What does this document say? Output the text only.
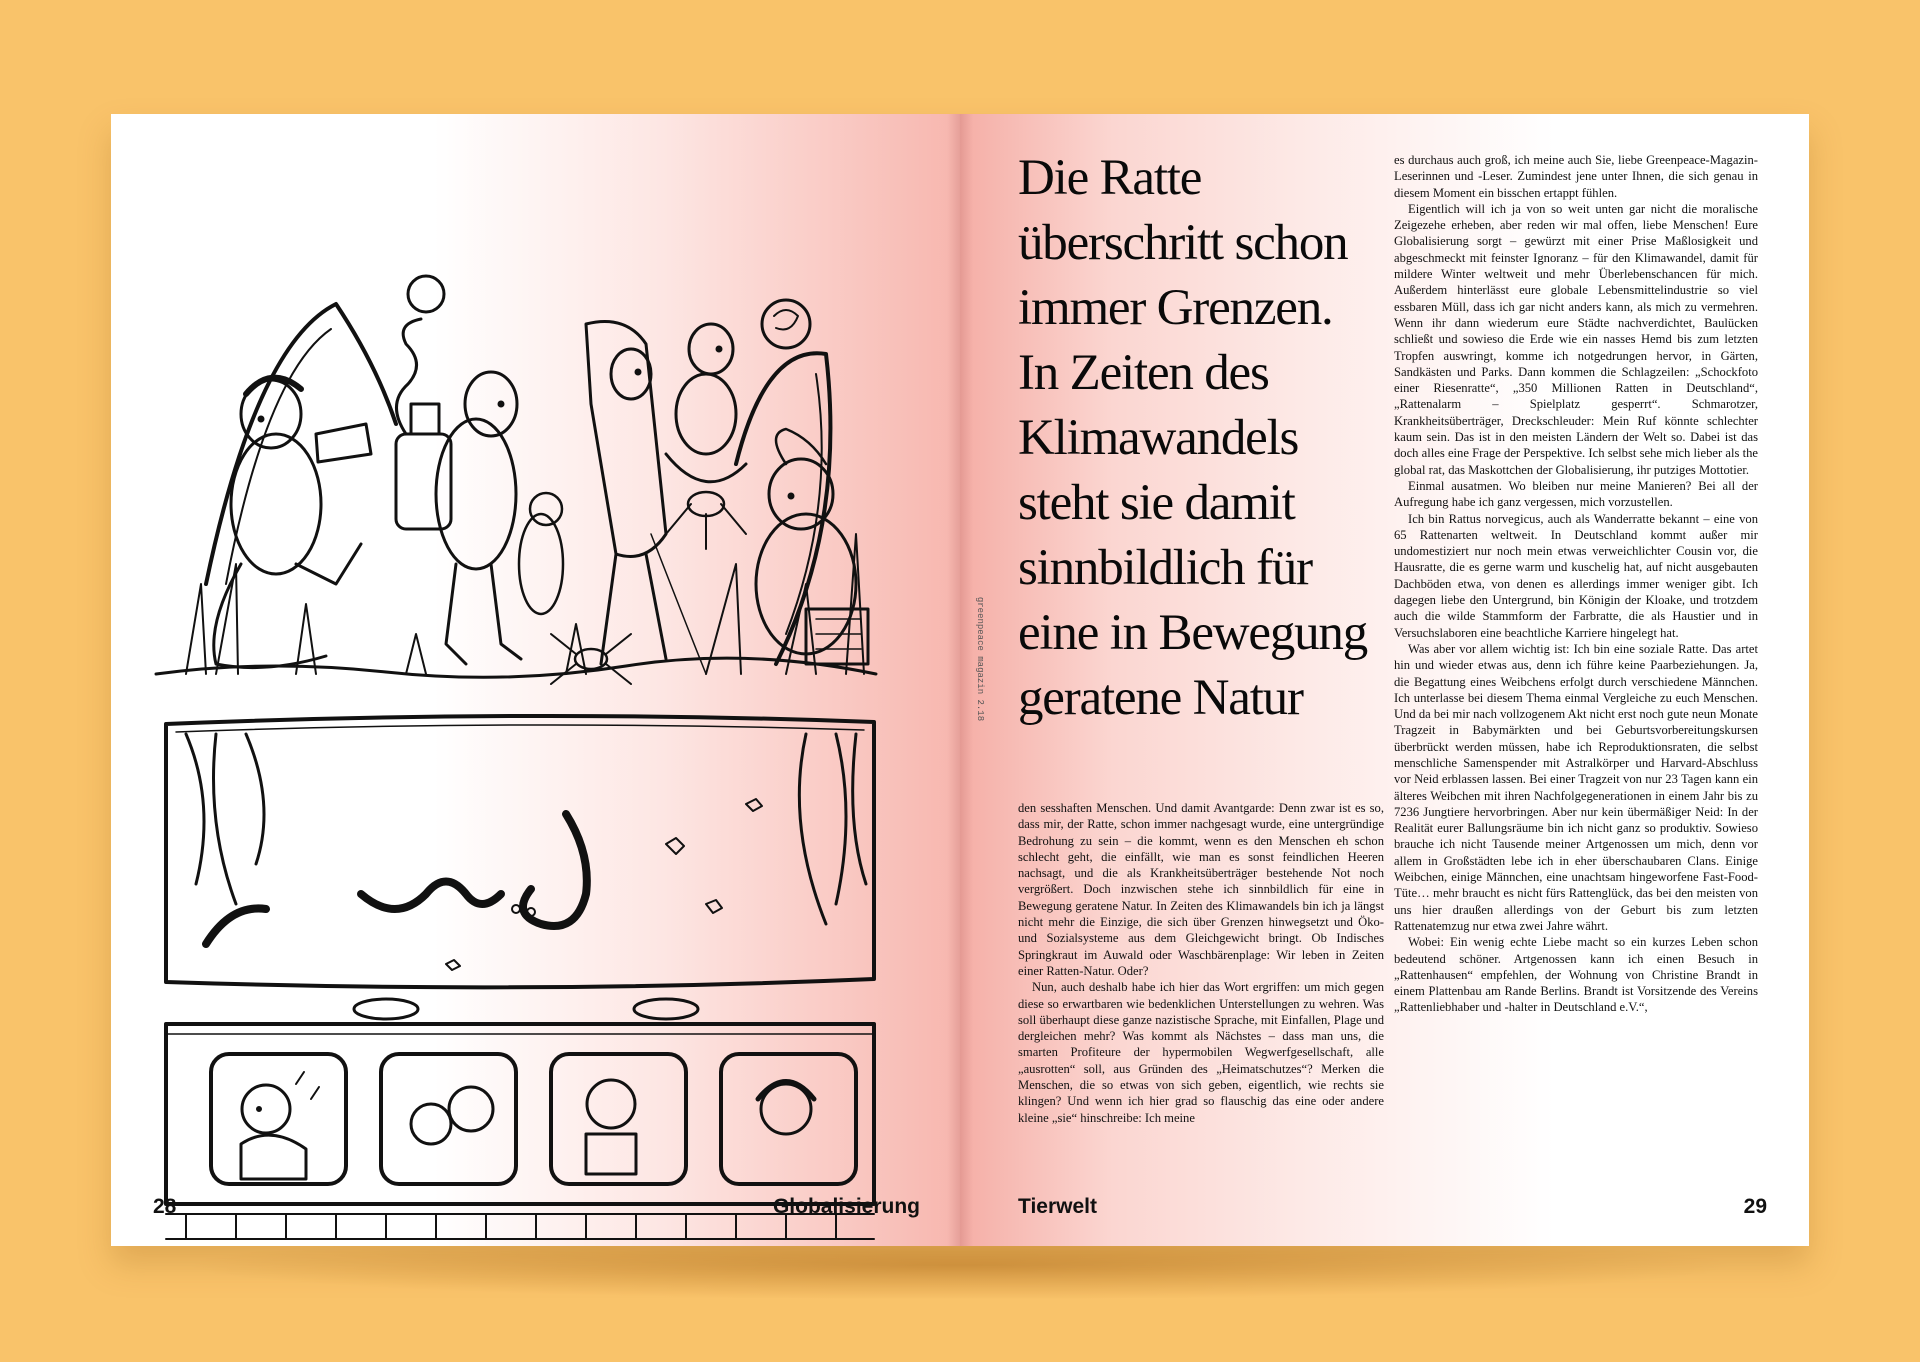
28	Globalisierung
greenpeace magazin 2.18
Die Ratte überschritt schon immer Grenzen. In Zeiten des Klimawandels steht sie damit sinnbildlich für eine in Bewegung geratene Natur

den sesshaften Menschen. Und damit Avantgarde: Denn zwar ist es so, dass mir, der Ratte, schon immer nachgesagt wurde, eine untergründige Bedrohung zu sein – die kommt, wenn es den Menschen eh schon schlecht geht, die einfällt, wie man es sonst feindlichen Heeren nachsagt, und die als Krankheitsüberträger bestehende Not noch vergrößert. Doch inzwischen stehe ich sinnbildlich für eine in Bewegung geratene Natur. In Zeiten des Klimawandels bin ich ja längst nicht mehr die Einzige, die sich über Grenzen hinwegsetzt und Öko- und Sozialsysteme aus dem Gleichgewicht bringt. Ob Indisches Springkraut im Auwald oder Waschbärenplage: Wir leben in Zeiten einer Ratten-Natur. Oder?

Nun, auch deshalb habe ich hier das Wort ergriffen: um mich gegen diese so erwartbaren wie bedenklichen Unterstellungen zu wehren. Was soll überhaupt diese ganze nazistische Sprache, mit Einfallen, Plage und dergleichen mehr? Was kommt als Nächstes – dass man uns, die smarten Profiteure der hypermobilen Wegwerfgesellschaft, alle „ausrotten“ soll, aus Gründen des „Heimatschutzes“? Merken die Menschen, die so etwas von sich geben, eigentlich, wie rechts sie klingen? Und wenn ich hier grad so flauschig das eine oder andere kleine „sie“ hinschreibe: Ich meine

es durchaus auch groß, ich meine auch Sie, liebe Greenpeace-Magazin-Leserinnen und -Leser. Zumindest jene unter Ihnen, die sich genau in diesem Moment ein bisschen ertappt fühlen.

Eigentlich will ich ja von so weit unten gar nicht die moralische Zeigezehe erheben, aber reden wir mal offen, liebe Menschen! Eure Globalisierung sorgt – gewürzt mit einer Prise Maßlosigkeit und abgeschmeckt mit feinster Ignoranz – für den Klimawandel, damit für mildere Winter weltweit und mehr Überlebenschancen für mich. Außerdem hinterlässt eure globale Lebensmittelindustrie so viel essbaren Müll, dass ich gar nicht anders kann, als mich zu vermehren. Wenn ihr dann wiederum eure Städte nachverdichtet, Baulücken schließt und sowieso die Erde wie ein nasses Hemd bis zum letzten Tropfen auswringt, komme ich notgedrungen hervor, in Gärten, Sandkästen und Parks. Dann kommen die Schlagzeilen: „Schockfoto einer Riesenratte“, „350 Millionen Ratten in Deutschland“, „Rattenalarm – Spielplatz gesperrt“. Schmarotzer, Krankheitsüberträger, Dreckschleuder: Mein Ruf könnte schlechter kaum sein. Das ist in den meisten Ländern der Welt so. Dabei ist das doch alles eine Frage der Perspektive. Ich selbst sehe mich lieber als the global rat, das Maskottchen der Globalisierung, ihr putziges Mottotier.

Einmal ausatmen. Wo bleiben nur meine Manieren? Bei all der Aufregung habe ich ganz vergessen, mich vorzustellen.

Ich bin Rattus norvegicus, auch als Wanderratte bekannt – eine von 65 Rattenarten weltweit. In Deutschland kommt außer mir undomestiziert nur noch mein etwas verweichlichter Cousin vor, die Hausratte, die es gerne warm und kuschelig hat, auf nicht ausgebauten Dachböden etwa, von denen es allerdings immer weniger gibt. Ich dagegen liebe den Untergrund, bin Königin der Kloake, und trotzdem auch die wilde Stammform der Farbratte, die als Haustier und in Versuchslaboren eine beachtliche Karriere hingelegt hat.

Was aber vor allem wichtig ist: Ich bin eine soziale Ratte. Das artet hin und wieder etwas aus, denn ich führe keine Paarbeziehungen. Ja, die Begattung eines Weibchens erfolgt durch verschiedene Männchen. Ich unterlasse bei diesem Thema einmal Vergleiche zu euch Menschen. Und da bei mir nach vollzogenem Akt nicht erst noch gute neun Monate Tragzeit in Babymärkten und bei Geburtsvorbereitungskursen überbrückt werden müssen, habe ich Reproduktionsraten, die selbst menschliche Samenspender mit Astralkörper und Harvard-Abschluss vor Neid erblassen lassen. Bei einer Tragzeit von nur 23 Tagen kann ein älteres Weibchen mit ihren Nachfolgegenerationen in einem Jahr bis zu 7236 Jungtiere hervorbringen. Aber nur kein übermäßiger Neid: In der Realität eurer Ballungsräume bin ich nicht ganz so produktiv. Sowieso brauche ich nicht Tausende meiner Artgenossen um mich, denn vor allem in Großstädten lebe ich in eher überschaubaren Clans. Einige Weibchen, einige Männchen, eine unachtsam hingeworfene Fast-Food-Tüte… mehr braucht es nicht fürs Rattenglück, das bei den meisten von uns hier draußen allerdings von der Geburt bis zum letzten Rattenatemzug nur etwa zwei Jahre währt.

Wobei: Ein wenig echte Liebe macht so ein kurzes Leben schon bedeutend schöner. Artgenossen kann ich einen Besuch in „Rattenhausen“ empfehlen, der Wohnung von Christine Brandt in einem Plattenbau am Rande Berlins. Brandt ist Vorsitzende des Vereins „Rattenliebhaber und -halter in Deutschland e.V.“,

Tierwelt	29
